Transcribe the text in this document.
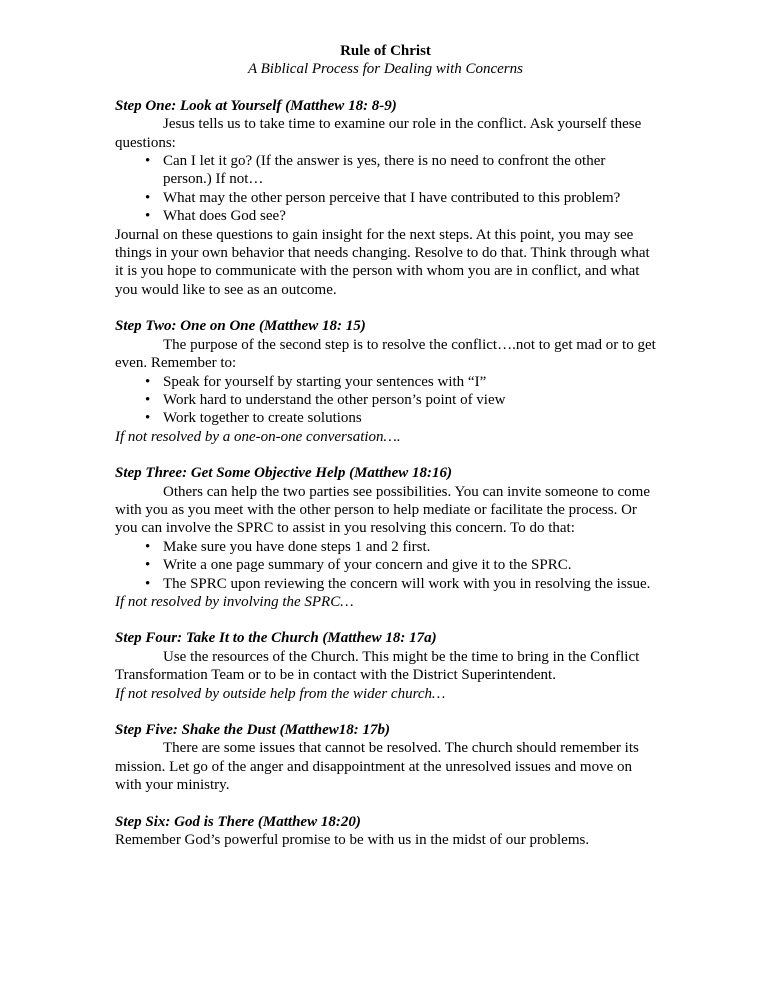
Rule of Christ

A Biblical Process for Dealing with Concerns

Step One: Look at Yourself (Matthew 18: 8-9)

Jesus tells us to take time to examine our role in the conflict. Ask yourself these questions:

• Can I let it go? (If the answer is yes, there is no need to confront the other person.) If not…
• What may the other person perceive that I have contributed to this problem?
• What does God see?

Journal on these questions to gain insight for the next steps. At this point, you may see things in your own behavior that needs changing. Resolve to do that. Think through what it is you hope to communicate with the person with whom you are in conflict, and what you would like to see as an outcome.

Step Two: One on One (Matthew 18: 15)

The purpose of the second step is to resolve the conflict….not to get mad or to get even. Remember to:

• Speak for yourself by starting your sentences with “I”
• Work hard to understand the other person’s point of view
• Work together to create solutions

If not resolved by a one-on-one conversation….

Step Three: Get Some Objective Help (Matthew 18:16)

Others can help the two parties see possibilities. You can invite someone to come with you as you meet with the other person to help mediate or facilitate the process. Or you can involve the SPRC to assist in you resolving this concern. To do that:

• Make sure you have done steps 1 and 2 first.
• Write a one page summary of your concern and give it to the SPRC.
• The SPRC upon reviewing the concern will work with you in resolving the issue.

If not resolved by involving the SPRC…

Step Four: Take It to the Church (Matthew 18: 17a)

Use the resources of the Church. This might be the time to bring in the Conflict Transformation Team or to be in contact with the District Superintendent.

If not resolved by outside help from the wider church…

Step Five: Shake the Dust (Matthew18: 17b)

There are some issues that cannot be resolved. The church should remember its mission. Let go of the anger and disappointment at the unresolved issues and move on with your ministry.

Step Six: God is There (Matthew 18:20)

Remember God’s powerful promise to be with us in the midst of our problems.
